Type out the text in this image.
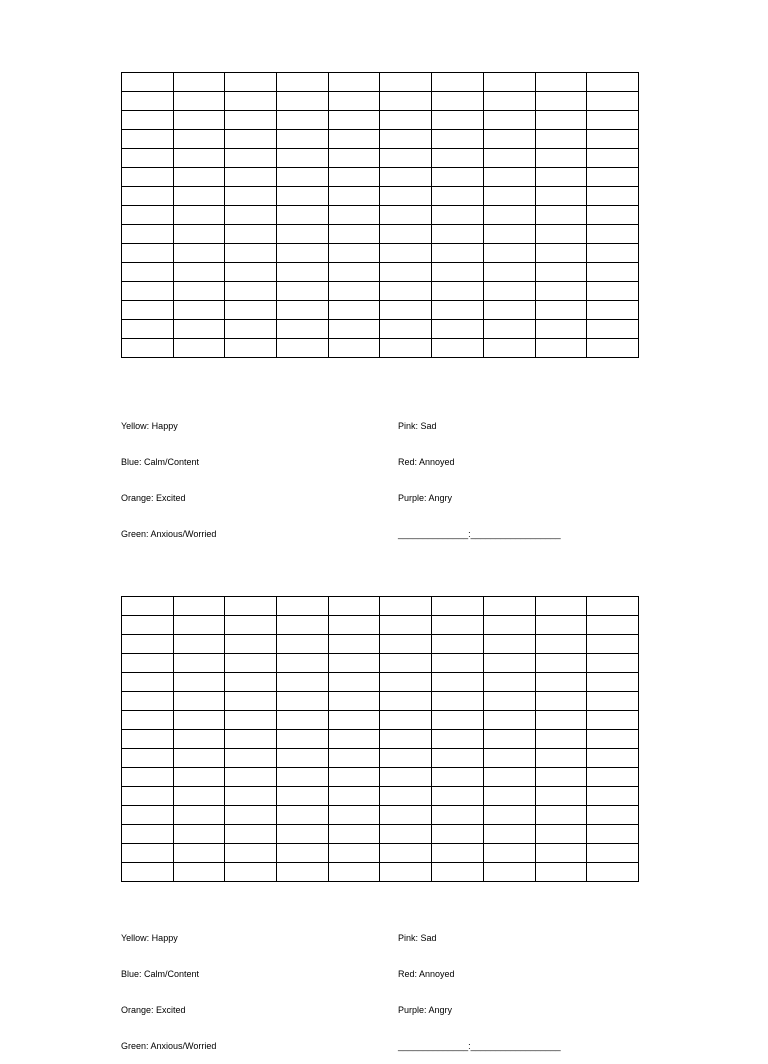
Yellow: Happy

Blue: Calm/Content

Orange: Excited

Green: Anxious/Worried

Pink: Sad

Red: Annoyed

Purple: Angry

______________:__________________

Yellow: Happy

Blue: Calm/Content

Orange: Excited

Green: Anxious/Worried

Pink: Sad

Red: Annoyed

Purple: Angry

______________:__________________
